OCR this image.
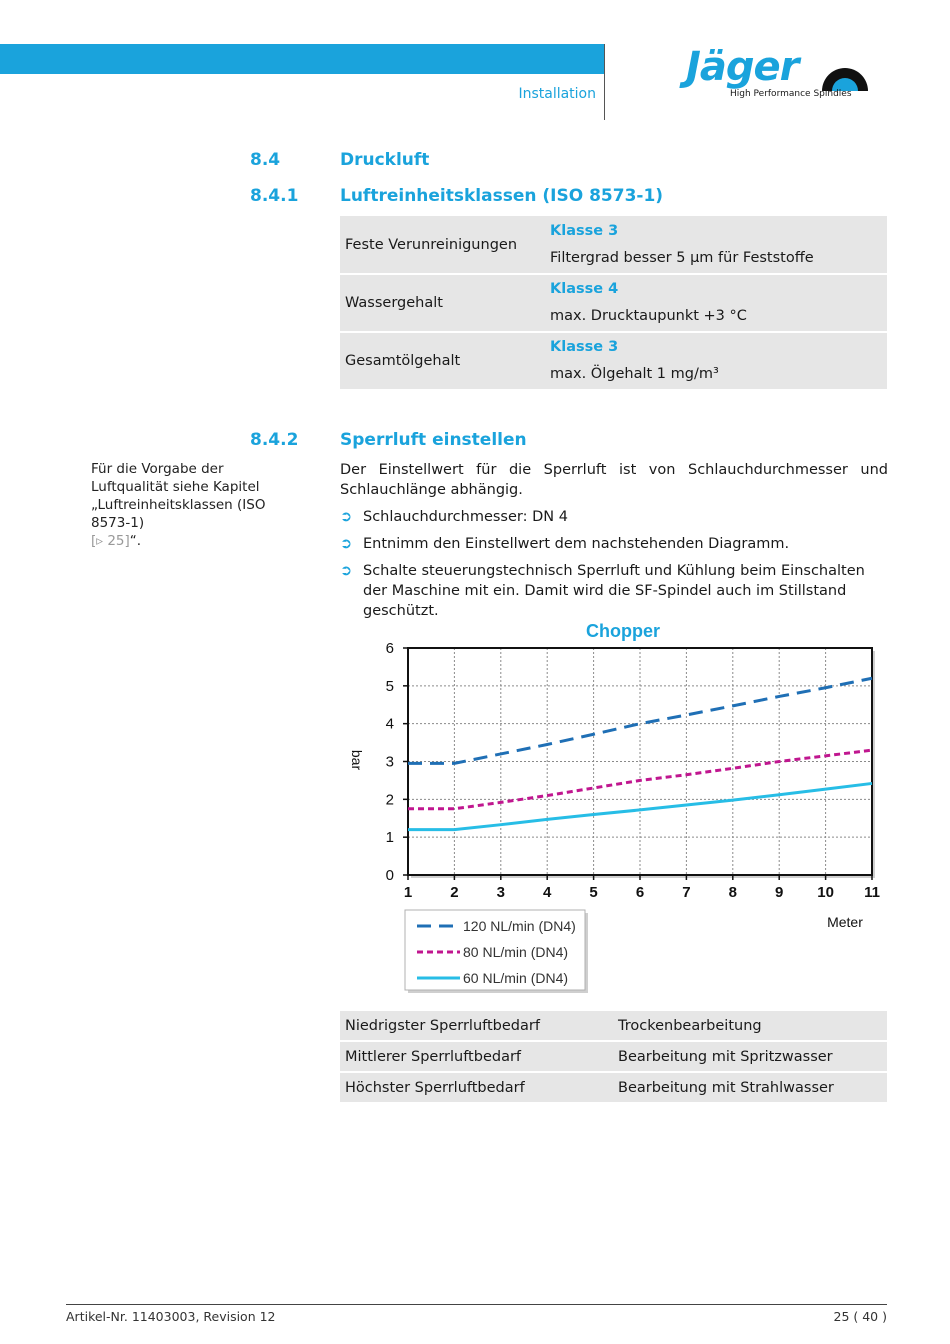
Installation
Jäger
High Performance Spindles
8.4	Druckluft
8.4.1 Luftreinheitsklassen (ISO 8573-1)
Feste Verunreinigungen	Klasse 3
Filtergrad besser 5 µm für Feststoffe

Wassergehalt	Klasse 4
max. Drucktaupunkt +3 °C

Gesamtölgehalt	Klasse 3
max. Ölgehalt 1 mg/m³
8.4.2 Sperrluft einstellen
Für die Vorgabe der Luftqualität siehe Kapitel „Luftreinheitsklassen (ISO 8573-1)
[▹ 25]“.
Der Einstellwert für die Sperrluft ist von Schlauchdurchmesser und Schlauchlänge abhängig.
➲ Schlauchdurchmesser: DN 4
➲ Entnimm den Einstellwert dem nachstehenden Diagramm.
➲ Schalte steuerungstechnisch Sperrluft und Kühlung beim Einschalten der Maschine mit ein. Damit wird die SF-Spindel auch im Stillstand geschützt.
Chopper
bar
Meter
0
1
2
3
4
5
6
1	2	3	4	5	6	7	8	9 10 11
120 NL/min (DN4)
80 NL/min (DN4)
60 NL/min (DN4)
Niedrigster Sperrluftbedarf	Trockenbearbeitung
Mittlerer Sperrluftbedarf	Bearbeitung mit Spritzwasser
Höchster Sperrluftbedarf	Bearbeitung mit Strahlwasser
Artikel-Nr. 11403003, Revision 12	25 ( 40 )
